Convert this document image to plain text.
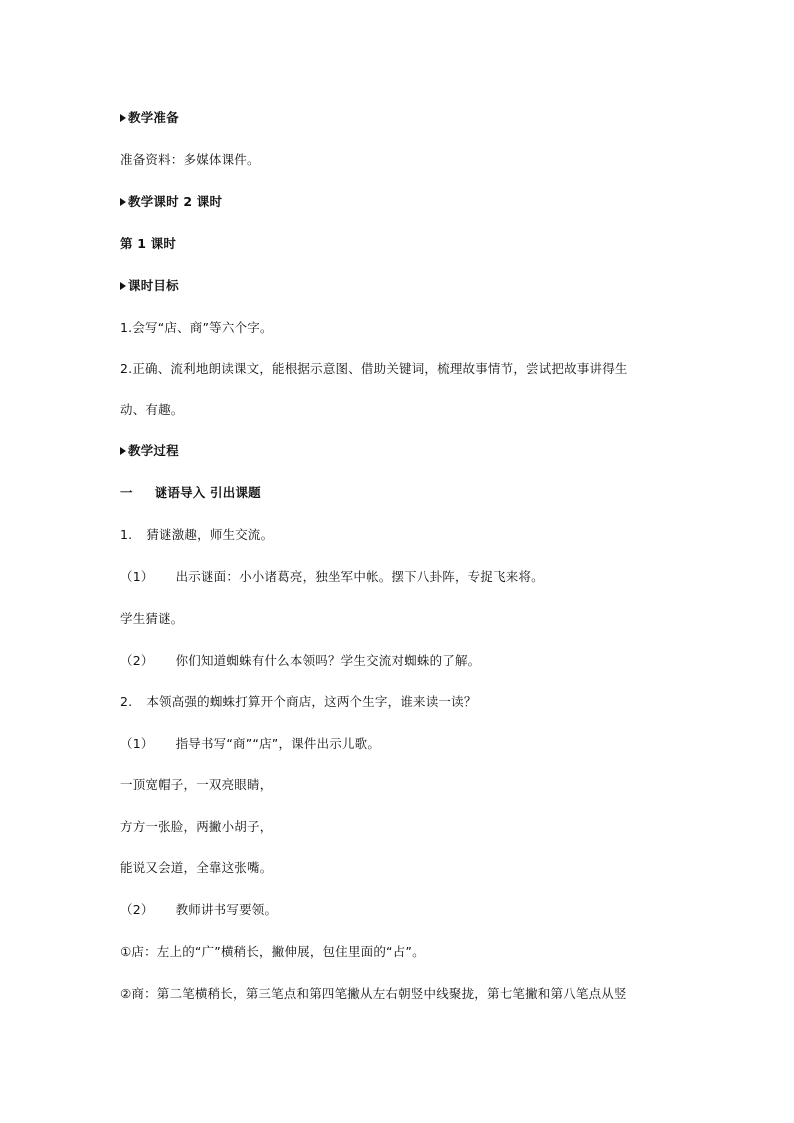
教学准备
准备资料：多媒体课件。
教学课时 2 课时
第 1 课时
课时目标
1.会写“店、商”等六个字。
2.正确、流利地朗读课文，能根据示意图、借助关键词，梳理故事情节，尝试把故事讲得生
动、有趣。
教学过程
一 谜语导入 引出课题
1. 猜谜激趣，师生交流。
（1） 出示谜面：小小诸葛亮，独坐军中帐。摆下八卦阵，专捉飞来将。
学生猜谜。
（2） 你们知道蜘蛛有什么本领吗？学生交流对蜘蛛的了解。
2. 本领高强的蜘蛛打算开个商店，这两个生字，谁来读一读？
（1） 指导书写“商”“店”，课件出示儿歌。
一顶宽帽子，一双亮眼睛，
方方一张脸，两撇小胡子，
能说又会道，全靠这张嘴。
（2） 教师讲书写要领。
①店：左上的“广”横稍长，撇伸展，包住里面的“占”。
②商：第二笔横稍长，第三笔点和第四笔撇从左右朝竖中线聚拢，第七笔撇和第八笔点从竖
